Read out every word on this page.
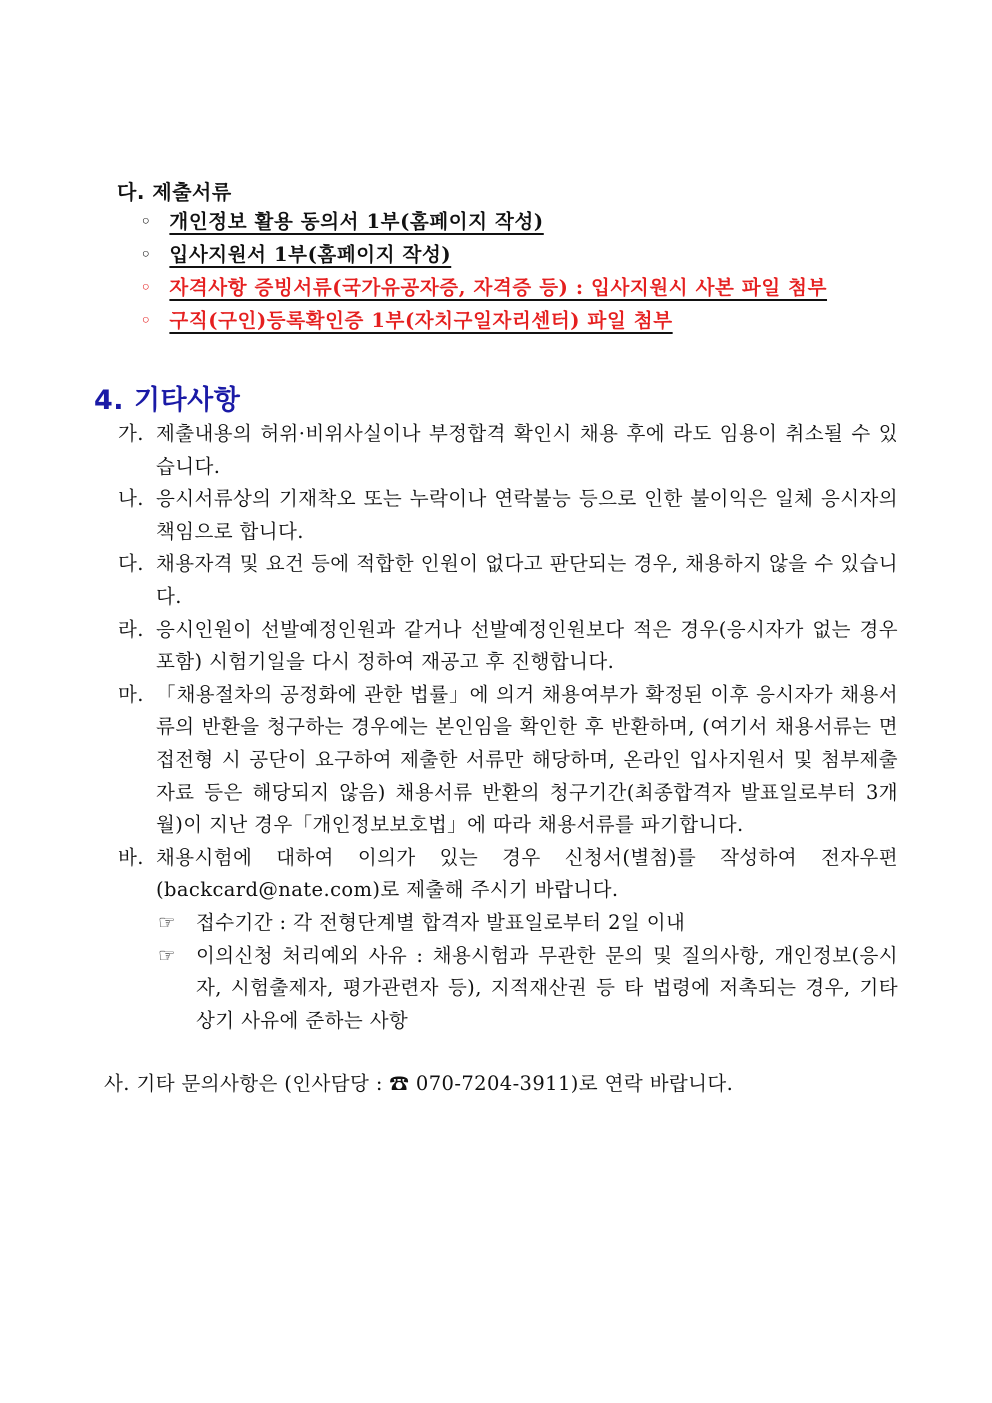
다. 제출서류
◦ 개인정보 활용 동의서 1부(홈페이지 작성)
◦ 입사지원서 1부(홈페이지 작성)
◦ 자격사항 증빙서류(국가유공자증, 자격증 등) : 입사지원시 사본 파일 첨부
◦ 구직(구인)등록확인증 1부(자치구일자리센터) 파일 첨부
4. 기타사항
가. 제출내용의 허위·비위사실이나 부정합격 확인시 채용 후에 라도 임용이 취소될 수 있습니다.
나. 응시서류상의 기재착오 또는 누락이나 연락불능 등으로 인한 불이익은 일체 응시자의 책임으로 합니다.
다. 채용자격 및 요건 등에 적합한 인원이 없다고 판단되는 경우, 채용하지 않을 수 있습니다.
라. 응시인원이 선발예정인원과 같거나 선발예정인원보다 적은 경우(응시자가 없는 경우 포함) 시험기일을 다시 정하여 재공고 후 진행합니다.
마. 「채용절차의 공정화에 관한 법률」에 의거 채용여부가 확정된 이후 응시자가 채용서류의 반환을 청구하는 경우에는 본인임을 확인한 후 반환하며, (여기서 채용서류는 면접전형 시 공단이 요구하여 제출한 서류만 해당하며, 온라인 입사지원서 및 첨부제출 자료 등은 해당되지 않음) 채용서류 반환의 청구기간(최종합격자 발표일로부터 3개월)이 지난 경우「개인정보보호법」에 따라 채용서류를 파기합니다.
바. 채용시험에 대하여 이의가 있는 경우 신청서(별첨)를 작성하여 전자우편(backcard@nate.com)로 제출해 주시기 바랍니다.
☞ 접수기간 : 각 전형단계별 합격자 발표일로부터 2일 이내
☞ 이의신청 처리예외 사유 : 채용시험과 무관한 문의 및 질의사항, 개인정보(응시자, 시험출제자, 평가관련자 등), 지적재산권 등 타 법령에 저촉되는 경우, 기타 상기 사유에 준하는 사항
사. 기타 문의사항은 (인사담당 : ☎ 070-7204-3911)로 연락 바랍니다.
